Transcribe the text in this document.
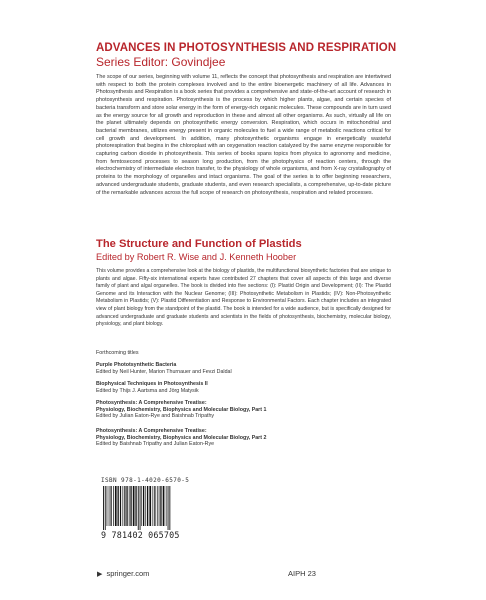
ADVANCES IN PHOTOSYNTHESIS AND RESPIRATION
Series Editor: Govindjee
The scope of our series, beginning with volume 11, reflects the concept that photosynthesis and respiration are intertwined with respect to both the protein complexes involved and to the entire bioenergetic machinery of all life. Advances in Photosynthesis and Respiration is a book series that provides a comprehensive and state-of-the-art account of research in photosynthesis and respiration. Photosynthesis is the process by which higher plants, algae, and certain species of bacteria transform and store solar energy in the form of energy-rich organic molecules. These compounds are in turn used as the energy source for all growth and reproduction in these and almost all other organisms. As such, virtually all life on the planet ultimately depends on photosynthetic energy conversion. Respiration, which occurs in mitochondrial and bacterial membranes, utilizes energy present in organic molecules to fuel a wide range of metabolic reactions critical for cell growth and development. In addition, many photosynthetic organisms engage in energetically wasteful photorespiration that begins in the chloroplast with an oxygenation reaction catalyzed by the same enzyme responsible for capturing carbon dioxide in photosynthesis. This series of books spans topics from physics to agronomy and medicine, from femtosecond processes to season long production, from the photophysics of reaction centers, through the electrochemistry of intermediate electron transfer, to the physiology of whole organisms, and from X-ray crystallography of proteins to the morphology of organelles and intact organisms. The goal of the series is to offer beginning researchers, advanced undergraduate students, graduate students, and even research specialists, a comprehensive, up-to-date picture of the remarkable advances across the full scope of research on photosynthesis, respiration and related processes.
The Structure and Function of Plastids
Edited by Robert R. Wise and J. Kenneth Hoober
This volume provides a comprehensive look at the biology of plastids, the multifunctional biosynthetic factories that are unique to plants and algae. Fifty-six international experts have contributed 27 chapters that cover all aspects of this large and diverse family of plant and algal organelles. The book is divided into five sections: (I): Plastid Origin and Development; (II): The Plastid Genome and its Interaction with the Nuclear Genome; (III): Photosynthetic Metabolism in Plastids; (IV): Non-Photosynthetic Metabolism in Plastids; (V): Plastid Differentiation and Response to Environmental Factors. Each chapter includes an integrated view of plant biology from the standpoint of the plastid. The book is intended for a wide audience, but is specifically designed for advanced undergraduate and graduate students and scientists in the fields of photosynthesis, biochemistry, molecular biology, physiology, and plant biology.
Forthcoming titles
Purple Phototsynthetic Bacteria
Edited by Neil Hunter, Marion Thurnauer and Fevzi Daldal
Biophysical Techniques in Photosynthesis II
Edited by Thijs J. Aartsma and Jörg Matysik
Photosynthesis: A Comprehensive Treatise:
Physiology, Biochemistry, Biophysics and Molecular Biology, Part 1
Edited by Julian Eaton-Rye and Baishnab Tripathy
Photosynthesis: A Comprehensive Treatise:
Physiology, Biochemistry, Biophysics and Molecular Biology, Part 2
Edited by Baishnab Tripathy and Julian Eaton-Rye
ISBN 978-1-4020-6570-5
9 781402 065705
▶ springer.com	AIPH 23
